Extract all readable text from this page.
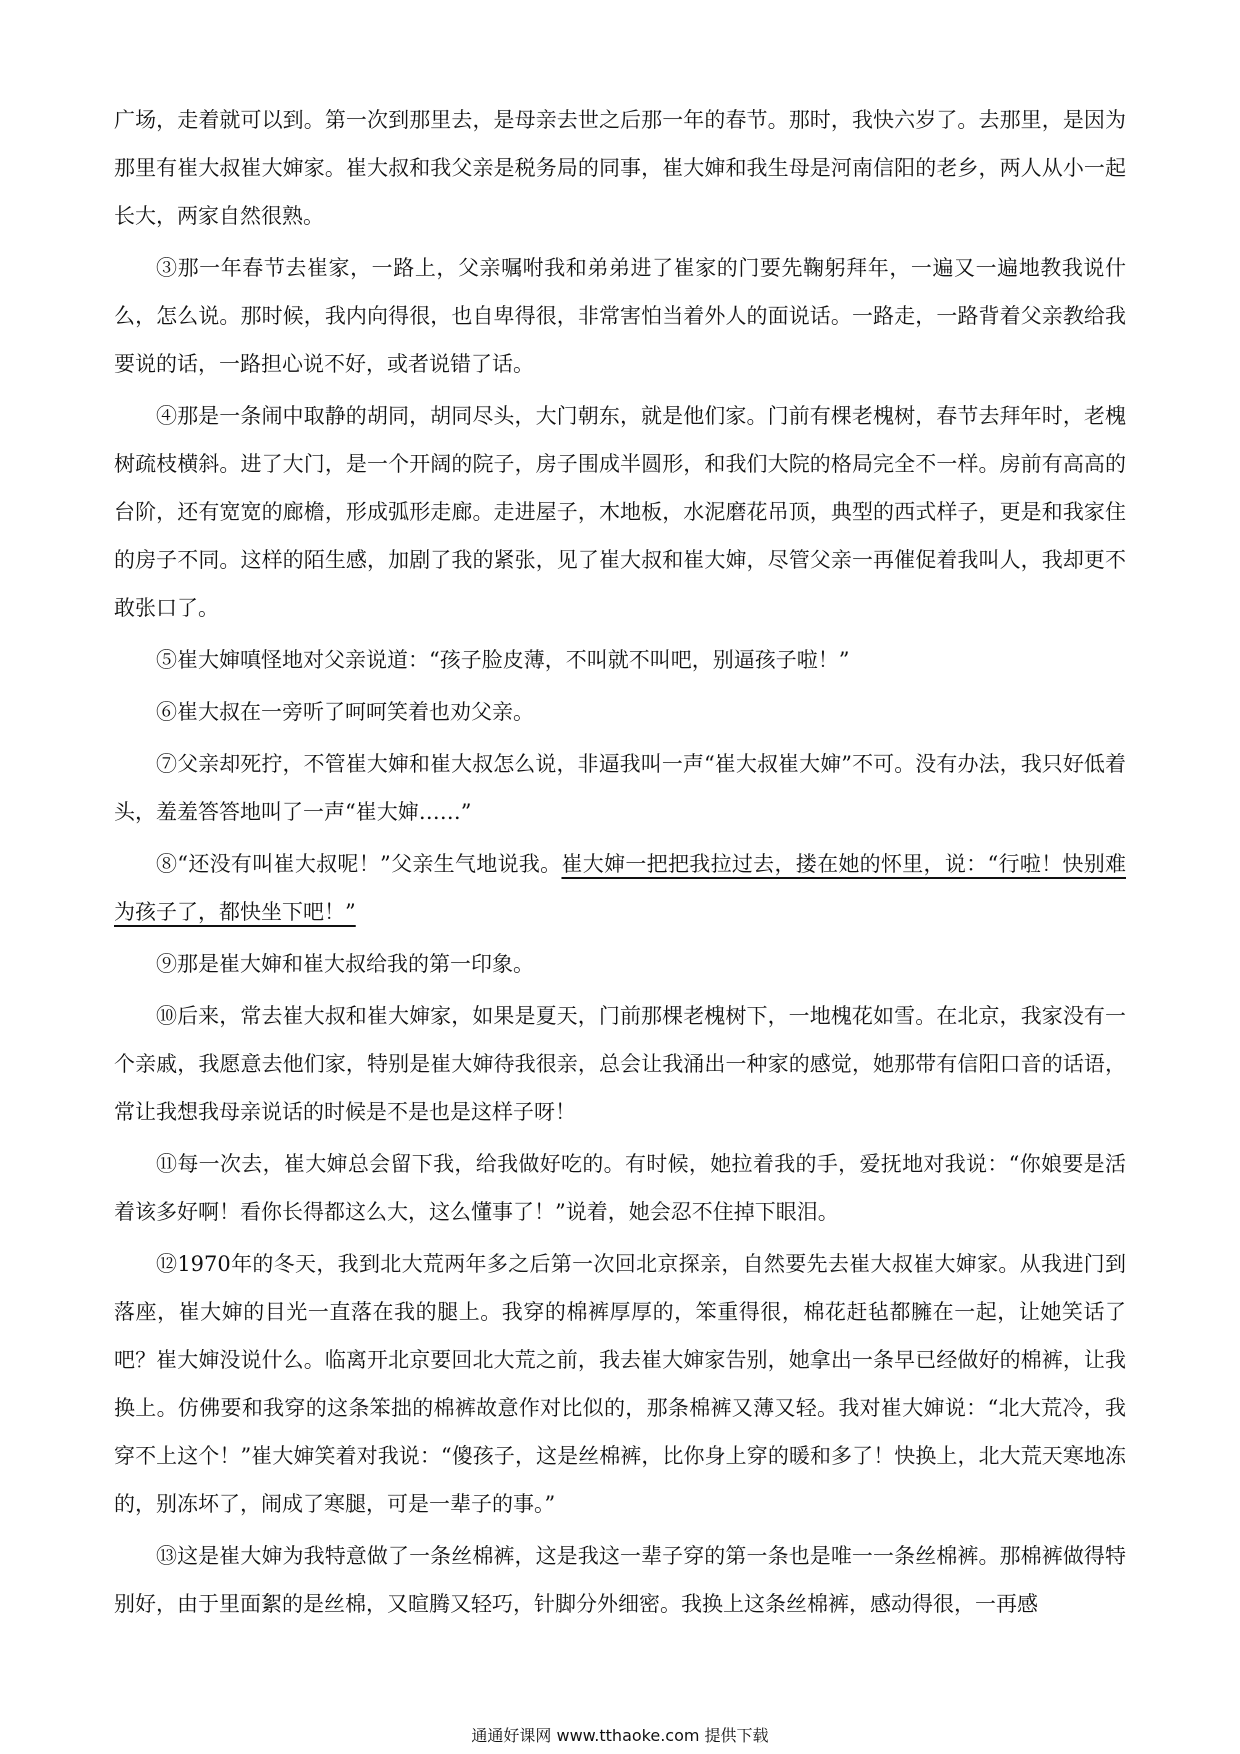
广场，走着就可以到。第一次到那里去，是母亲去世之后那一年的春节。那时，我快六岁了。去那里，是因为那里有崔大叔崔大婶家。崔大叔和我父亲是税务局的同事，崔大婶和我生母是河南信阳的老乡，两人从小一起长大，两家自然很熟。

③那一年春节去崔家，一路上，父亲嘱咐我和弟弟进了崔家的门要先鞠躬拜年，一遍又一遍地教我说什么，怎么说。那时候，我内向得很，也自卑得很，非常害怕当着外人的面说话。一路走，一路背着父亲教给我要说的话，一路担心说不好，或者说错了话。

④那是一条闹中取静的胡同，胡同尽头，大门朝东，就是他们家。门前有棵老槐树，春节去拜年时，老槐树疏枝横斜。进了大门，是一个开阔的院子，房子围成半圆形，和我们大院的格局完全不一样。房前有高高的台阶，还有宽宽的廊檐，形成弧形走廊。走进屋子，木地板，水泥磨花吊顶，典型的西式样子，更是和我家住的房子不同。这样的陌生感，加剧了我的紧张，见了崔大叔和崔大婶，尽管父亲一再催促着我叫人，我却更不敢张口了。

⑤崔大婶嗔怪地对父亲说道：“孩子脸皮薄，不叫就不叫吧，别逼孩子啦！”

⑥崔大叔在一旁听了呵呵笑着也劝父亲。

⑦父亲却死拧，不管崔大婶和崔大叔怎么说，非逼我叫一声“崔大叔崔大婶”不可。没有办法，我只好低着头，羞羞答答地叫了一声“崔大婶……”

⑧“还没有叫崔大叔呢！”父亲生气地说我。崔大婶一把把我拉过去，搂在她的怀里，说：“行啦！快别难为孩子了，都快坐下吧！”

⑨那是崔大婶和崔大叔给我的第一印象。

⑩后来，常去崔大叔和崔大婶家，如果是夏天，门前那棵老槐树下，一地槐花如雪。在北京，我家没有一个亲戚，我愿意去他们家，特别是崔大婶待我很亲，总会让我涌出一种家的感觉，她那带有信阳口音的话语，常让我想我母亲说话的时候是不是也是这样子呀！

⑪每一次去，崔大婶总会留下我，给我做好吃的。有时候，她拉着我的手，爱抚地对我说：“你娘要是活着该多好啊！看你长得都这么大，这么懂事了！”说着，她会忍不住掉下眼泪。

⑫1970年的冬天，我到北大荒两年多之后第一次回北京探亲，自然要先去崔大叔崔大婶家。从我进门到落座，崔大婶的目光一直落在我的腿上。我穿的棉裤厚厚的，笨重得很，棉花赶毡都臃在一起，让她笑话了吧？崔大婶没说什么。临离开北京要回北大荒之前，我去崔大婶家告别，她拿出一条早已经做好的棉裤，让我换上。仿佛要和我穿的这条笨拙的棉裤故意作对比似的，那条棉裤又薄又轻。我对崔大婶说：“北大荒冷，我穿不上这个！”崔大婶笑着对我说：“傻孩子，这是丝棉裤，比你身上穿的暖和多了！快换上，北大荒天寒地冻的，别冻坏了，闹成了寒腿，可是一辈子的事。”

⑬这是崔大婶为我特意做了一条丝棉裤，这是我这一辈子穿的第一条也是唯一一条丝棉裤。那棉裤做得特别好，由于里面絮的是丝棉，又暄腾又轻巧，针脚分外细密。我换上这条丝棉裤，感动得很，一再感

通通好课网 www.tthaoke.com 提供下载
